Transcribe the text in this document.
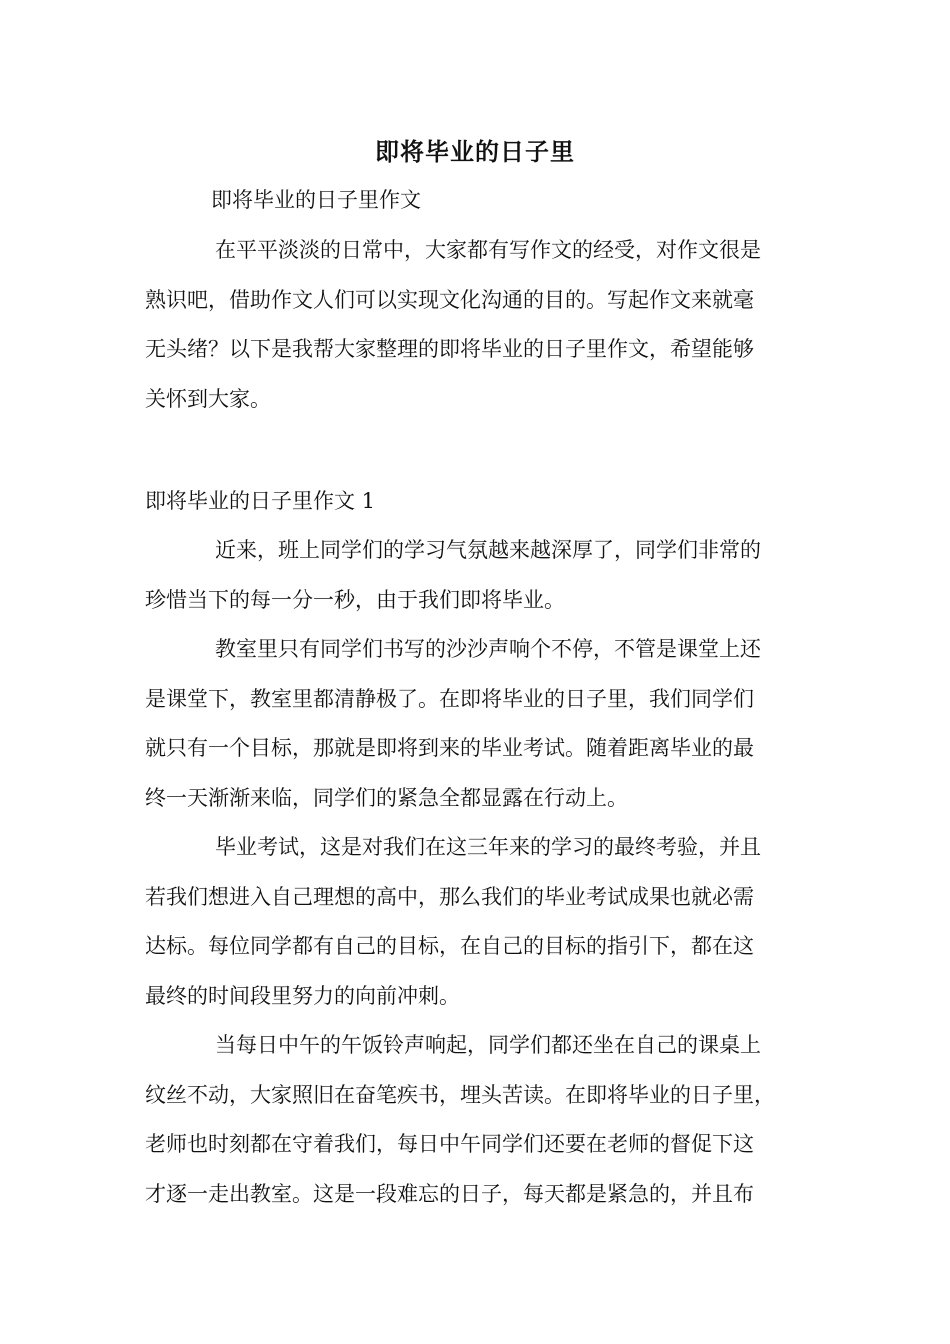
即将毕业的日子里
即将毕业的日子里作文
在平平淡淡的日常中，大家都有写作文的经受，对作文很是
熟识吧，借助作文人们可以实现文化沟通的目的。写起作文来就毫
无头绪？以下是我帮大家整理的即将毕业的日子里作文，希望能够
关怀到大家。
即将毕业的日子里作文 1
近来，班上同学们的学习气氛越来越深厚了，同学们非常的
珍惜当下的每一分一秒，由于我们即将毕业。
教室里只有同学们书写的沙沙声响个不停，不管是课堂上还
是课堂下，教室里都清静极了。在即将毕业的日子里，我们同学们
就只有一个目标，那就是即将到来的毕业考试。随着距离毕业的最
终一天渐渐来临，同学们的紧急全都显露在行动上。
毕业考试，这是对我们在这三年来的学习的最终考验，并且
若我们想进入自己理想的高中，那么我们的毕业考试成果也就必需
达标。每位同学都有自己的目标，在自己的目标的指引下，都在这
最终的时间段里努力的向前冲刺。
当每日中午的午饭铃声响起，同学们都还坐在自己的课桌上
纹丝不动，大家照旧在奋笔疾书，埋头苦读。在即将毕业的日子里，
老师也时刻都在守着我们，每日中午同学们还要在老师的督促下这
才逐一走出教室。这是一段难忘的日子，每天都是紧急的，并且布
